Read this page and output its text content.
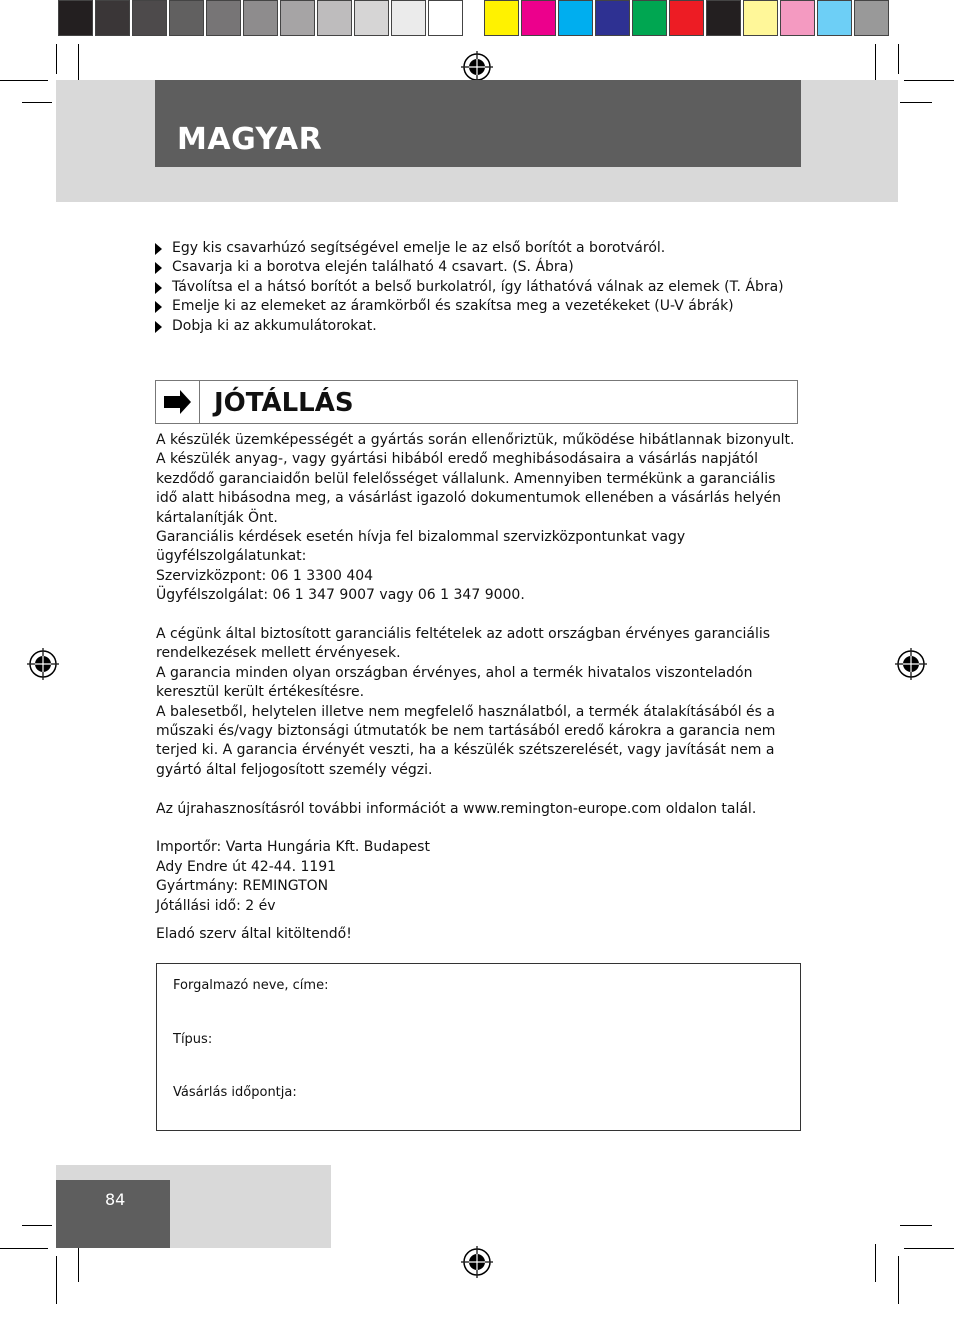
MAGYAR
Egy kis csavarhúzó segítségével emelje le az első borítót a borotváról.
Csavarja ki a borotva elején található 4 csavart. (S. Ábra)
Távolítsa el a hátsó borítót a belső burkolatról, így láthatóvá válnak az elemek (T. Ábra)
Emelje ki az elemeket az áramkörből és szakítsa meg a vezetékeket (U-V ábrák)
Dobja ki az akkumulátorokat.
JÓTÁLLÁS

A készülék üzemképességét a gyártás során ellenőriztük, működése hibátlannak bizonyult. A készülék anyag-, vagy gyártási hibából eredő meghibásodásaira a vásárlás napjától kezdődő garanciaidőn belül felelősséget vállalunk. Amennyiben termékünk a garanciális idő alatt hibásodna meg, a vásárlást igazoló dokumentumok ellenében a vásárlás helyén kártalanítják Önt.

Garanciális kérdések esetén hívja fel bizalommal szervizközpontunkat vagy ügyfélszolgálatunkat:

Szervizközpont: 06 1 3300 404

Ügyfélszolgálat: 06 1 347 9007 vagy 06 1 347 9000.

A cégünk által biztosított garanciális feltételek az adott országban érvényes garanciális rendelkezések mellett érvényesek.

A garancia minden olyan országban érvényes, ahol a termék hivatalos viszonteladón keresztül került értékesítésre.

A balesetből, helytelen illetve nem megfelelő használatból, a termék átalakításából és a műszaki és/vagy biztonsági útmutatók be nem tartásából eredő károkra a garancia nem terjed ki. A garancia érvényét veszti, ha a készülék szétszerelését, vagy javítását nem a gyártó által feljogosított személy végzi.

Az újrahasznosításról további információt a www.remington-europe.com oldalon talál.

Importőr: Varta Hungária Kft. Budapest

Ady Endre út 42-44. 1191

Gyártmány: REMINGTON

Jótállási idő: 2 év

Eladó szerv által kitöltendő!

Forgalmazó neve, címe:
Típus:
Vásárlás időpontja:
84
